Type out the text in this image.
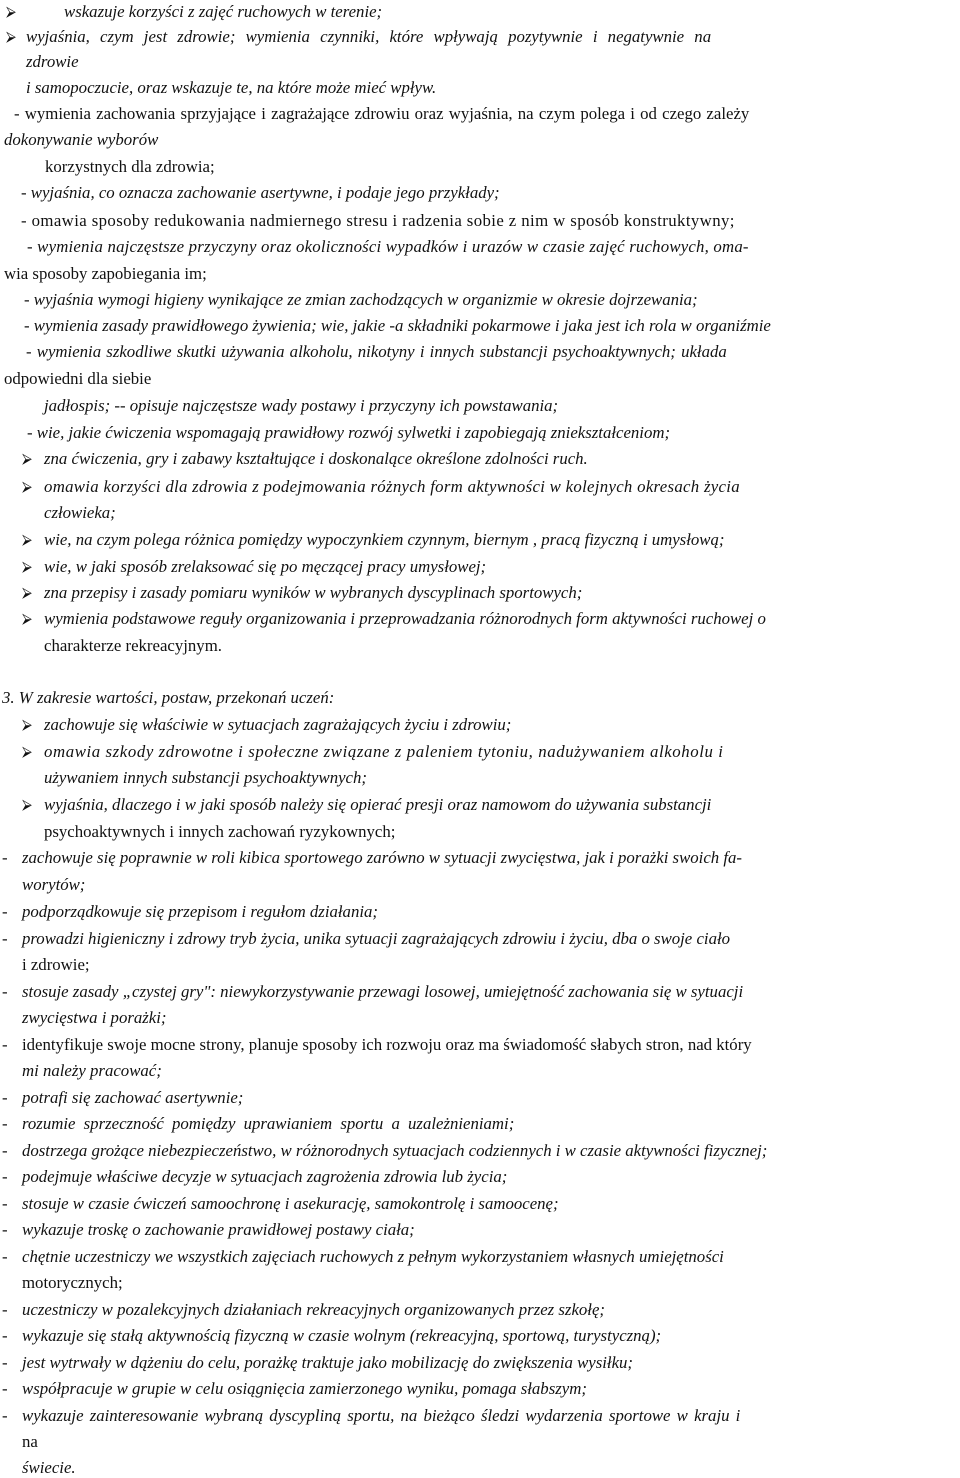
⮚	wskazuje korzyści z zajęć ruchowych w terenie;
⮚ wyjaśnia, czym jest zdrowie; wymienia czynniki, które wpływają pozytywnie i negatywnie na
zdrowie
i samopoczucie, oraz wskazuje te, na które może mieć wpływ.
- wymienia zachowania sprzyjające i zagrażające zdrowiu oraz wyjaśnia, na czym polega i od czego zależy
dokonywanie wyborów
korzystnych dla zdrowia;
- wyjaśnia, co oznacza zachowanie asertywne, i podaje jego przykłady;
- omawia sposoby redukowania nadmiernego stresu i radzenia sobie z nim w sposób konstruktywny;
- wymienia najczęstsze przyczyny oraz okoliczności wypadków i urazów w czasie zajęć ruchowych, oma-
wia sposoby zapobiegania im;
- wyjaśnia wymogi higieny wynikające ze zmian zachodzących w organizmie w okresie dojrzewania;
- wymienia zasady prawidłowego żywienia; wie, jakie -a składniki pokarmowe i jaka jest ich rola w organiźmie
- wymienia szkodliwe skutki używania alkoholu, nikotyny i innych substancji psychoaktywnych; układa
odpowiedni dla siebie
jadłospis; -- opisuje najczęstsze wady postawy i przyczyny ich powstawania;
- wie, jakie ćwiczenia wspomagają prawidłowy rozwój sylwetki i zapobiegają zniekształceniom;
⮚ zna ćwiczenia, gry i zabawy kształtujące i doskonalące określone zdolności ruch.
⮚ omawia korzyści dla zdrowia z podejmowania różnych form aktywności w kolejnych okresach życia
człowieka;
⮚ wie, na czym polega różnica pomiędzy wypoczynkiem czynnym, biernym , pracą fizyczną i umysłową;
⮚ wie, w jaki sposób zrelaksować się po męczącej pracy umysłowej;
⮚ zna przepisy i zasady pomiaru wyników w wybranych dyscyplinach sportowych;
⮚ wymienia podstawowe reguły organizowania i przeprowadzania różnorodnych form aktywności ruchowej o
charakterze rekreacyjnym.
3. W zakresie wartości, postaw, przekonań uczeń:
⮚ zachowuje się właściwie w sytuacjach zagrażających życiu i zdrowiu;
⮚ omawia szkody zdrowotne i społeczne związane z paleniem tytoniu, nadużywaniem alkoholu i
używaniem innych substancji psychoaktywnych;
⮚ wyjaśnia, dlaczego i w jaki sposób należy się opierać presji oraz namowom do używania substancji
psychoaktywnych i innych zachowań ryzykownych;
- zachowuje się poprawnie w roli kibica sportowego zarówno w sytuacji zwycięstwa, jak i porażki swoich fa-
worytów;
- podporządkowuje się przepisom i regułom działania;
- prowadzi higieniczny i zdrowy tryb życia, unika sytuacji zagrażających zdrowiu i życiu, dba o swoje ciało
i zdrowie;
- stosuje zasady „czystej gry": niewykorzystywanie przewagi losowej, umiejętność zachowania się w sytuacji
zwycięstwa i porażki;
- identyfikuje swoje mocne strony, planuje sposoby ich rozwoju oraz ma świadomość słabych stron, nad który
mi należy pracować;
- potrafi się zachować asertywnie;
- rozumie sprzeczność pomiędzy uprawianiem sportu a uzależnieniami;
- dostrzega grożące niebezpieczeństwo, w różnorodnych sytuacjach codziennych i w czasie aktywności fizycznej;
- podejmuje właściwe decyzje w sytuacjach zagrożenia zdrowia lub życia;
- stosuje w czasie ćwiczeń samoochronę i asekurację, samokontrolę i samoocenę;
- wykazuje troskę o zachowanie prawidłowej postawy ciała;
- chętnie uczestniczy we wszystkich zajęciach ruchowych z pełnym wykorzystaniem własnych umiejętności
motorycznych;
- uczestniczy w pozalekcyjnych działaniach rekreacyjnych organizowanych przez szkołę;
- wykazuje się stałą aktywnością fizyczną w czasie wolnym (rekreacyjną, sportową, turystyczną);
- jest wytrwały w dążeniu do celu, porażkę traktuje jako mobilizację do zwiększenia wysiłku;
- współpracuje w grupie w celu osiągnięcia zamierzonego wyniku, pomaga słabszym;
- wykazuje zainteresowanie wybraną dyscypliną sportu, na bieżąco śledzi wydarzenia sportowe w kraju i
na
świecie.
